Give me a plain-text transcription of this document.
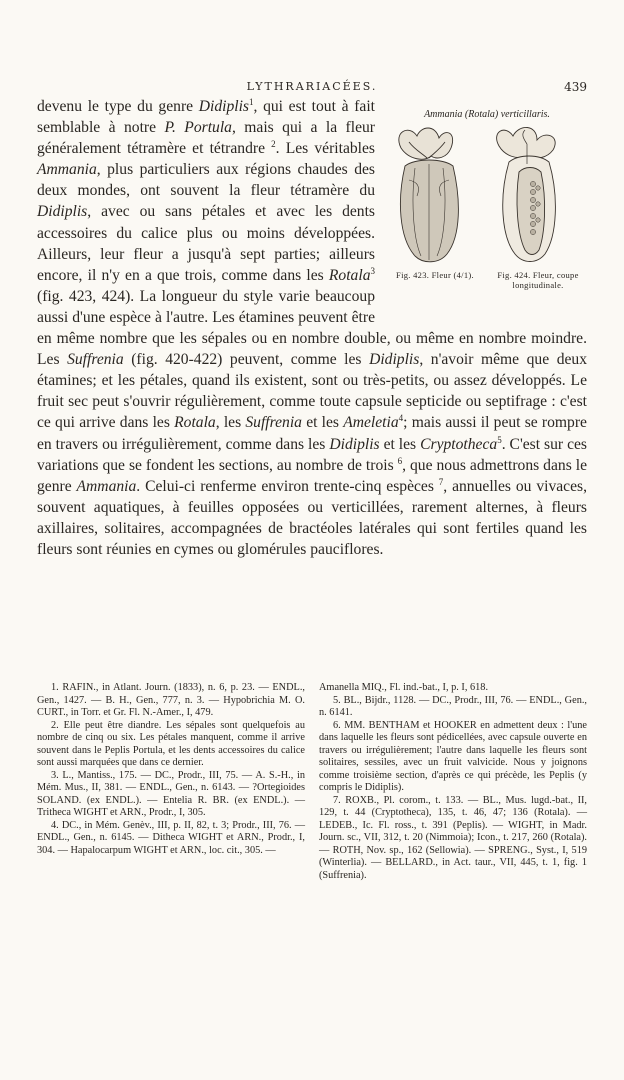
LYTHRARIACÉES.	439
Ammania (Rotala) verticillaris.
Fig. 423. Fleur (4/1).	Fig. 424. Fleur, coupe longitudinale.

devenu le type du genre Didiplis$^1$, qui est tout à fait semblable à notre P. Portula, mais qui a la fleur généralement tétramère et tétrandre $^2$. Les véritables Ammania, plus particuliers aux régions chaudes des deux mondes, ont souvent la fleur tétramère du Didiplis, avec ou sans pétales et avec les dents accessoires du calice plus ou moins développées. Ailleurs, leur fleur a jusqu'à sept parties; ailleurs encore, il n'y en a que trois, comme dans les Rotala$^3$ (fig. 423, 424). La longueur du style varie beaucoup aussi d'une espèce à l'autre. Les étamines peuvent être en même nombre que les sépales ou en nombre double, ou même en nombre moindre. Les Suffrenia (fig. 420-422) peuvent, comme les Didiplis, n'avoir même que deux étamines; et les pétales, quand ils existent, sont ou très-petits, ou assez développés. Le fruit sec peut s'ouvrir régulièrement, comme toute capsule septicide ou septifrage : c'est ce qui arrive dans les Rotala, les Suffrenia et les Ameletia$^4$; mais aussi il peut se rompre en travers ou irrégulièrement, comme dans les Didiplis et les Cryptotheca$^5$. C'est sur ces variations que se fondent les sections, au nombre de trois $^6$, que nous admettrons dans le genre Ammania. Celui-ci renferme environ trente-cinq espèces $^7$, annuelles ou vivaces, souvent aquatiques, à feuilles opposées ou verticillées, rarement alternes, à fleurs axillaires, solitaires, accompagnées de bractéoles latérales qui sont fertiles quand les fleurs sont réunies en cymes ou glomérules pauciflores.

1. RAFIN., in Atlant. Journ. (1833), n. 6, p. 23. — ENDL., Gen., 1427. — B. H., Gen., 777, n. 3. — Hypobrichia M. O. CURT., in Torr. et Gr. Fl. N.-Amer., I, 479.

2. Elle peut être diandre. Les sépales sont quelquefois au nombre de cinq ou six. Les pétales manquent, comme il arrive souvent dans le Peplis Portula, et les dents accessoires du calice sont aussi marquées que dans ce dernier.

3. L., Mantiss., 175. — DC., Prodr., III, 75. — A. S.-H., in Mém. Mus., II, 381. — ENDL., Gen., n. 6143. — ?Ortegioides SOLAND. (ex ENDL.). — Entelia R. BR. (ex ENDL.). — Tritheca WIGHT et ARN., Prodr., I, 305.

4. DC., in Mém. Genèv., III, p. II, 82, t. 3; Prodr., III, 76. — ENDL., Gen., n. 6145. — Ditheca WIGHT et ARN., Prodr., I, 304. — Hapalocarpum WIGHT et ARN., loc. cit., 305. —

Amanella MIQ., Fl. ind.-bat., I, p. I, 618.

5. BL., Bijdr., 1128. — DC., Prodr., III, 76. — ENDL., Gen., n. 6141.

6. MM. BENTHAM et HOOKER en admettent deux : l'une dans laquelle les fleurs sont pédicellées, avec capsule ouverte en travers ou irrégulièrement; l'autre dans laquelle les fleurs sont solitaires, sessiles, avec un fruit valvicide. Nous y joignons comme troisième section, d'après ce qui précède, les Peplis (y compris le Didiplis).

7. ROXB., Pl. corom., t. 133. — BL., Mus. lugd.-bat., II, 129, t. 44 (Cryptotheca), 135, t. 46, 47; 136 (Rotala). — LEDEB., Ic. Fl. ross., t. 391 (Peplis). — WIGHT, in Madr. Journ. sc., VII, 312, t. 20 (Nimmoia); Icon., t. 217, 260 (Rotala). — ROTH, Nov. sp., 162 (Sellowia). — SPRENG., Syst., I, 519 (Winterlia). — BELLARD., in Act. taur., VII, 445, t. 1, fig. 1 (Suffrenia).
